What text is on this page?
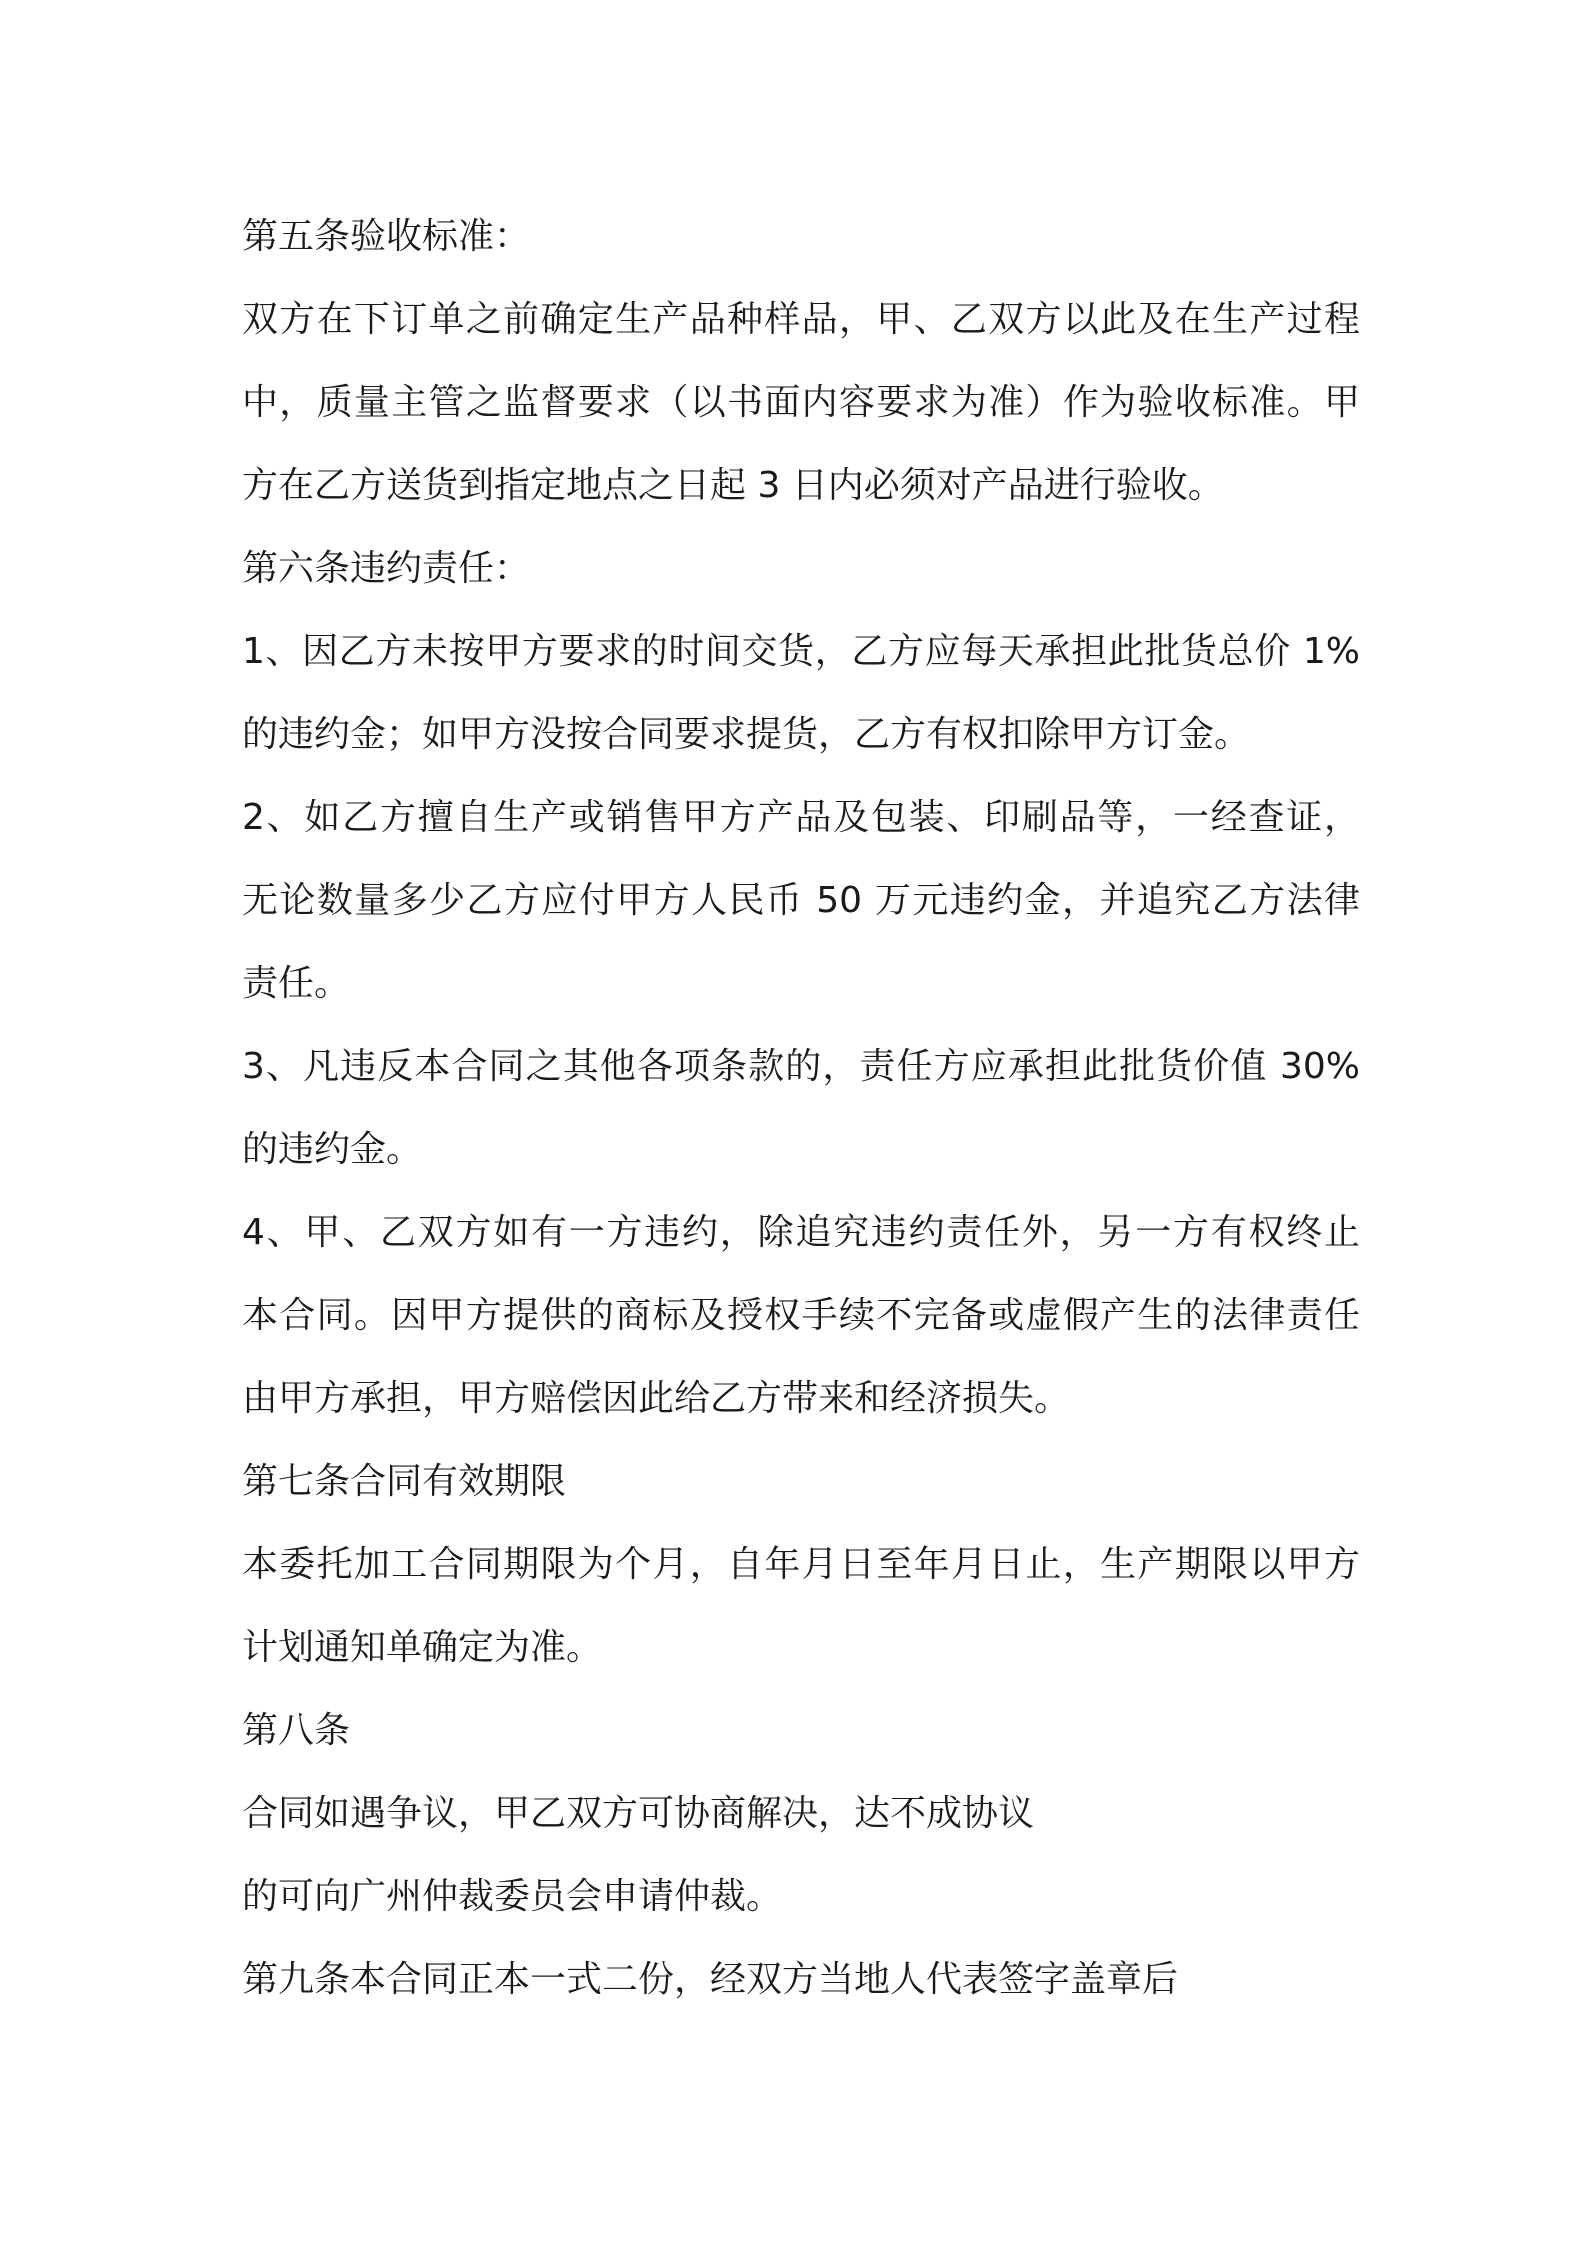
第五条验收标准：
双方在下订单之前确定生产品种样品，甲、乙双方以此及在生产过程
中，质量主管之监督要求（以书面内容要求为准）作为验收标准。甲
方在乙方送货到指定地点之日起 3 日内必须对产品进行验收。
第六条违约责任：
1、因乙方未按甲方要求的时间交货，乙方应每天承担此批货总价 1%
的违约金；如甲方没按合同要求提货，乙方有权扣除甲方订金。
2、如乙方擅自生产或销售甲方产品及包装、印刷品等，一经查证，
无论数量多少乙方应付甲方人民币 50 万元违约金，并追究乙方法律
责任。
3、凡违反本合同之其他各项条款的，责任方应承担此批货价值 30%
的违约金。
4、甲、乙双方如有一方违约，除追究违约责任外，另一方有权终止
本合同。因甲方提供的商标及授权手续不完备或虚假产生的法律责任
由甲方承担，甲方赔偿因此给乙方带来和经济损失。
第七条合同有效期限
本委托加工合同期限为个月，自年月日至年月日止，生产期限以甲方
计划通知单确定为准。
第八条
合同如遇争议，甲乙双方可协商解决，达不成协议
的可向广州仲裁委员会申请仲裁。
第九条本合同正本一式二份，经双方当地人代表签字盖章后
